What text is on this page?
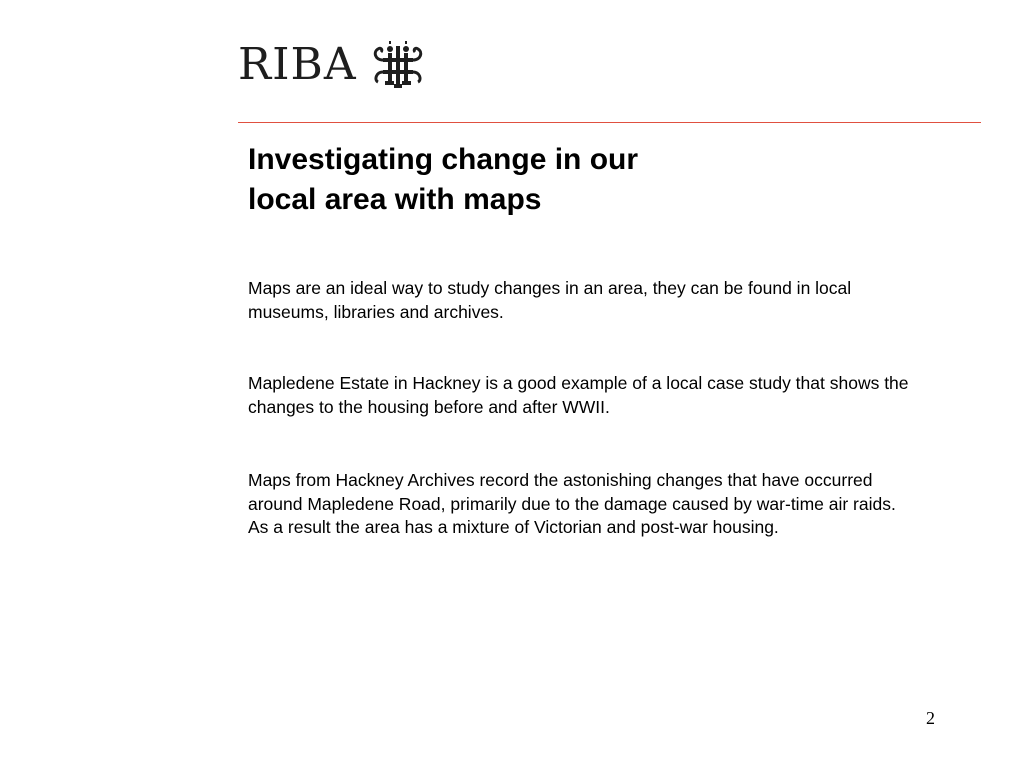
RIBA
Investigating change in our
local area with maps

Maps are an ideal way to study changes in an area, they can be found in local museums, libraries and archives.

Mapledene Estate in Hackney is a good example of a local case study that shows the changes to the housing before and after WWII.

Maps from Hackney Archives record the astonishing changes that have occurred around Mapledene Road, primarily due to the damage caused by war-time air raids. As a result the area has a mixture of Victorian and post-war housing.

2
